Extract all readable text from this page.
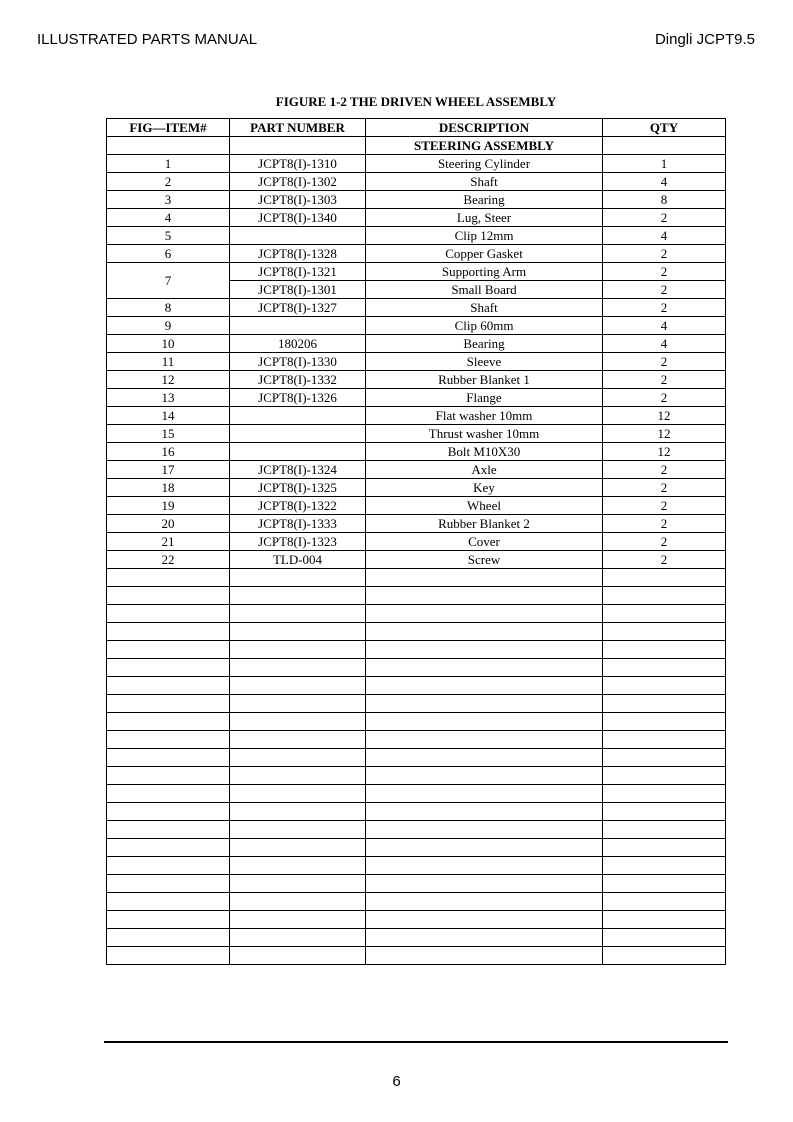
ILLUSTRATED PARTS MANUAL	Dingli JCPT9.5
FIGURE 1-2 THE DRIVEN WHEEL ASSEMBLY
FIG—ITEM#	PART NUMBER	DESCRIPTION	QTY
		STEERING ASSEMBLY	
1	JCPT8(I)-1310	Steering Cylinder	1
2	JCPT8(I)-1302	Shaft	4
3	JCPT8(I)-1303	Bearing	8
4	JCPT8(I)-1340	Lug, Steer	2
5		Clip 12mm	4
6	JCPT8(I)-1328	Copper Gasket	2
7	JCPT8(I)-1321	Supporting Arm	2
	JCPT8(I)-1301	Small Board	2
8	JCPT8(I)-1327	Shaft	2
9		Clip 60mm	4
10	180206	Bearing	4
11	JCPT8(I)-1330	Sleeve	2
12	JCPT8(I)-1332	Rubber Blanket 1	2
13	JCPT8(I)-1326	Flange	2
14		Flat washer 10mm	12
15		Thrust washer 10mm	12
16		Bolt M10X30	12
17	JCPT8(I)-1324	Axle	2
18	JCPT8(I)-1325	Key	2
19	JCPT8(I)-1322	Wheel	2
20	JCPT8(I)-1333	Rubber Blanket 2	2
21	JCPT8(I)-1323	Cover	2
22	TLD-004	Screw	2

6
